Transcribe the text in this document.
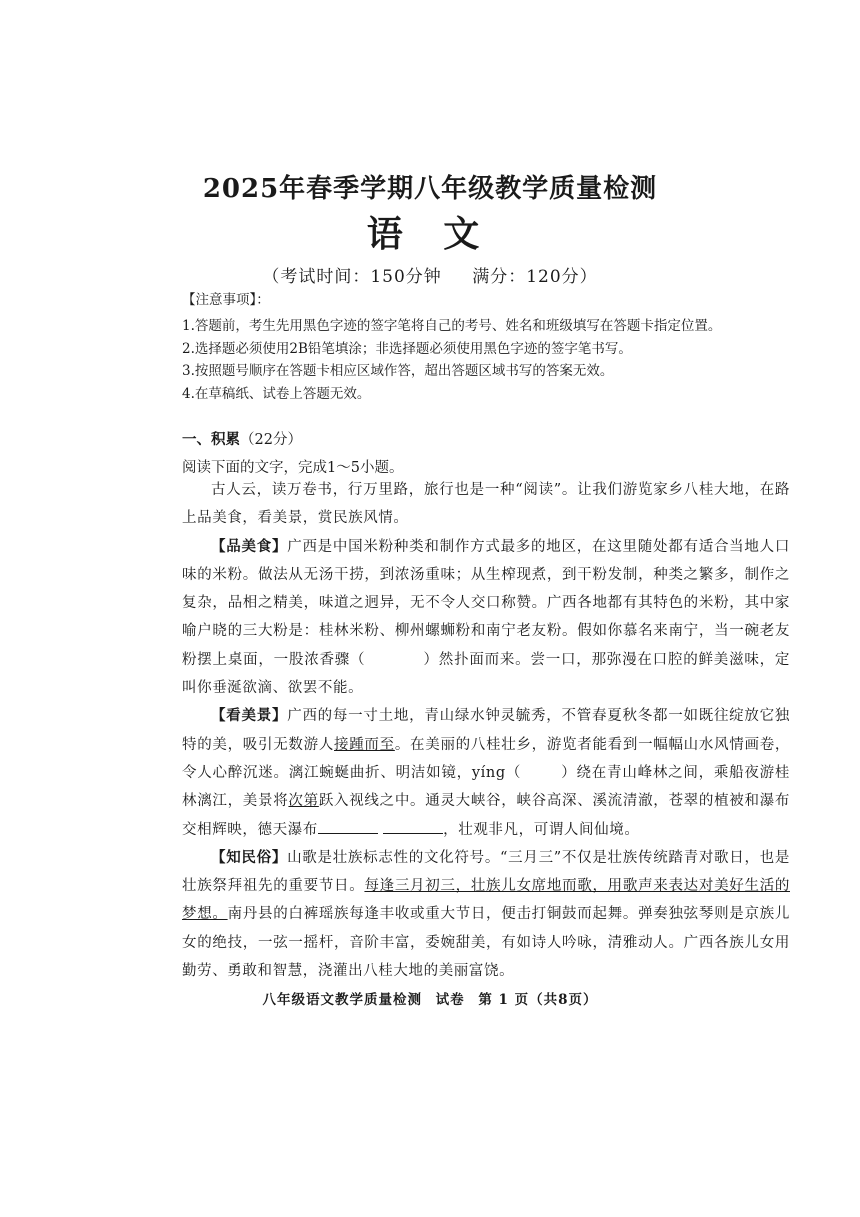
2025年春季学期八年级教学质量检测
语 文
（考试时间：150分钟 满分：120分）
【注意事项】：
1.答题前，考生先用黑色字迹的签字笔将自己的考号、姓名和班级填写在答题卡指定位置。
2.选择题必须使用2B铅笔填涂；非选择题必须使用黑色字迹的签字笔书写。
3.按照题号顺序在答题卡相应区域作答，超出答题区域书写的答案无效。
4.在草稿纸、试卷上答题无效。
一、积累（22分）
阅读下面的文字，完成1～5小题。

古人云，读万卷书，行万里路，旅行也是一种“阅读”。让我们游览家乡八桂大地，在路上品美食，看美景，赏民族风情。

【品美食】广西是中国米粉种类和制作方式最多的地区，在这里随处都有适合当地人口味的米粉。做法从无汤干捞，到浓汤重味；从生榨现煮，到干粉发制，种类之繁多，制作之复杂，品相之精美，味道之迥异，无不令人交口称赞。广西各地都有其特色的米粉，其中家喻户晓的三大粉是：桂林米粉、柳州螺蛳粉和南宁老友粉。假如你慕名来南宁，当一碗老友粉摆上桌面，一股浓香骤（	）然扑面而来。尝一口，那弥漫在口腔的鲜美滋味，定叫你垂涎欲滴、欲罢不能。

【看美景】广西的每一寸土地，青山绿水钟灵毓秀，不管春夏秋冬都一如既往绽放它独特的美，吸引无数游人接踵而至。在美丽的八桂壮乡，游览者能看到一幅幅山水风情画卷，令人心醉沉迷。漓江蜿蜒曲折、明洁如镜，yíng（	）绕在青山峰林之间，乘船夜游桂林漓江，美景将次第跃入视线之中。通灵大峡谷，峡谷高深、溪流清澈，苍翠的植被和瀑布交相辉映，德天瀑布	，壮观非凡，可谓人间仙境。

【知民俗】山歌是壮族标志性的文化符号。“三月三”不仅是壮族传统踏青对歌日，也是壮族祭拜祖先的重要节日。每逢三月初三，壮族儿女席地而歌，用歌声来表达对美好生活的梦想。南丹县的白裤瑶族每逢丰收或重大节日，便击打铜鼓而起舞。弹奏独弦琴则是京族儿女的绝技，一弦一摇杆，音阶丰富，委婉甜美，有如诗人吟咏，清雅动人。广西各族儿女用勤劳、勇敢和智慧，浇灌出八桂大地的美丽富饶。

八年级语文教学质量检测 试卷 第 1 页（共8页）
